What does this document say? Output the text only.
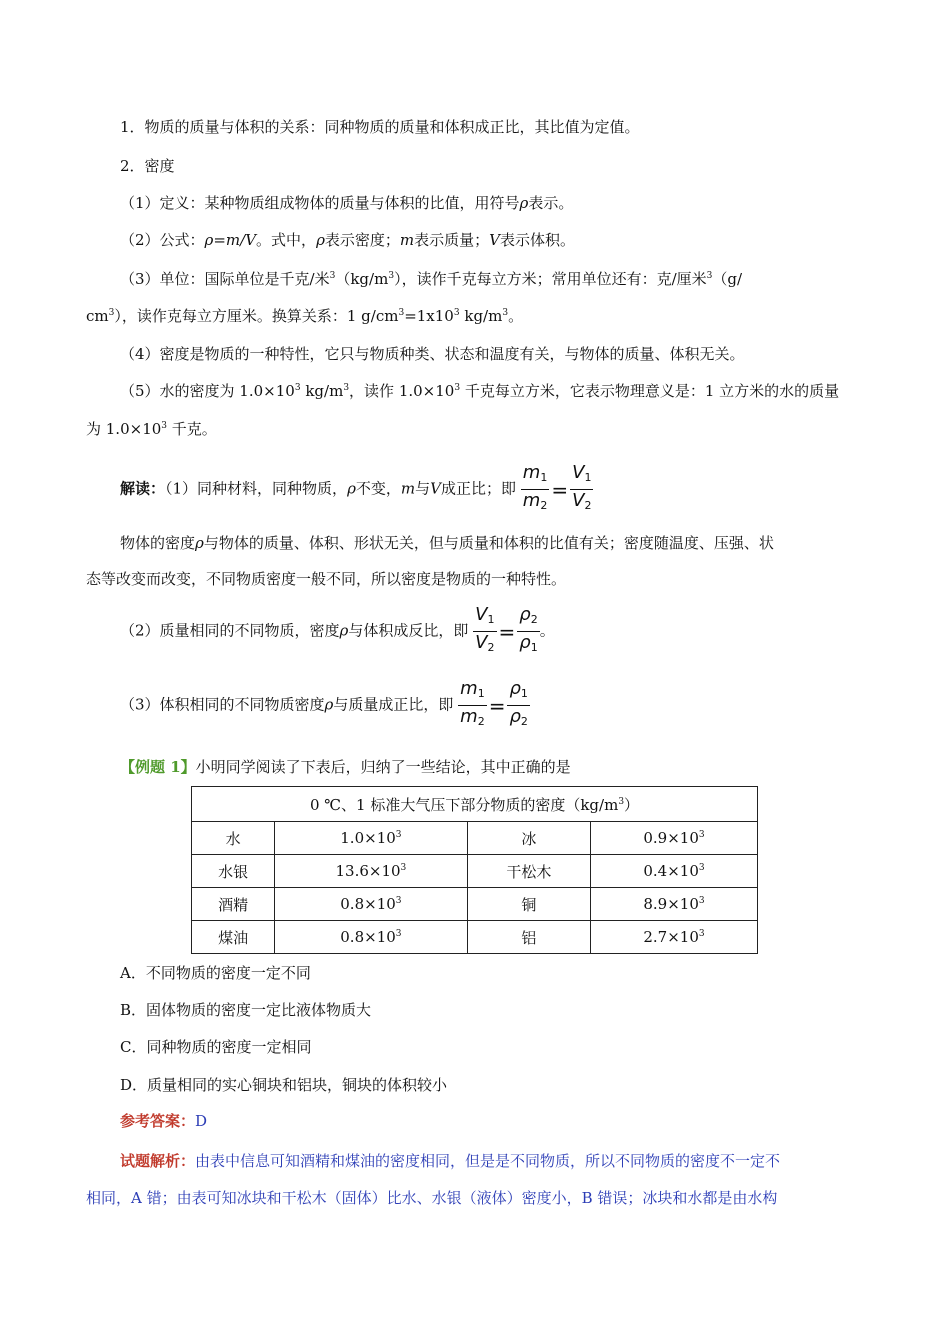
1．物质的质量与体积的关系：同种物质的质量和体积成正比，其比值为定值。
2．密度
（1）定义：某种物质组成物体的质量与体积的比值，用符号ρ表示。
（2）公式：ρ=m/V。式中，ρ表示密度；m表示质量；V表示体积。
（3）单位：国际单位是千克/米$^3(kg/m^3)$，读作千克每立方米；常用单位还有：克/厘米$^3$（g/
$cm^3$），读作克每立方厘米。换算关系：1 $g/cm^3=1x10^3$ $kg/m^3$。
（4）密度是物质的一种特性，它只与物质种类、状态和温度有关，与物体的质量、体积无关。
（5）水的密度为 $1.0\times 10^3$ $kg/m^3$，读作 $1.0\times 10^3$ 千克每立方米，它表示物理意义是：1 立方米的水的质量
为 $1.0\times 10^3$ 千克。
解读：（1）同种材料，同种物质，ρ不变，m与V成正比；即 $\frac{m_1}{m_2} = \frac{V_1}{V_2}$
物体的密度ρ与物体的质量、体积、形状无关，但与质量和体积的比值有关；密度随温度、压强、状
态等改变而改变，不同物质密度一般不同，所以密度是物质的一种特性。
（2）质量相同的不同物质，密度ρ与体积成反比，即 $\frac{V_1}{V_2} = \frac{\rho_2}{\rho_1}$ 。
（3）体积相同的不同物质密度ρ与质量成正比，即 $\frac{m_1}{m_2} = \frac{\rho_1}{\rho_2}$
【例题 1】小明同学阅读了下表后，归纳了一些结论，其中正确的是
0 ℃、1 标准大气压下部分物质的密度$(kg/m^3)$			
水	$1.0\times 10^3$	冰	$0.9\times 10^3$
水银	$13.6\times 10^3$	干松木	$0.4\times 10^3$
酒精	$0.8\times 10^3$	铜	$8.9\times 10^3$
煤油	$0.8\times 10^3$	铝	$2.7\times 10^3$
A．不同物质的密度一定不同
B．固体物质的密度一定比液体物质大
C．同种物质的密度一定相同
D．质量相同的实心铜块和铝块，铜块的体积较小
参考答案：D
试题解析：由表中信息可知酒精和煤油的密度相同，但是是不同物质，所以不同物质的密度不一定不
相同，A 错；由表可知冰块和干松木（固体）比水、水银（液体）密度小，B 错误；冰块和水都是由水构
